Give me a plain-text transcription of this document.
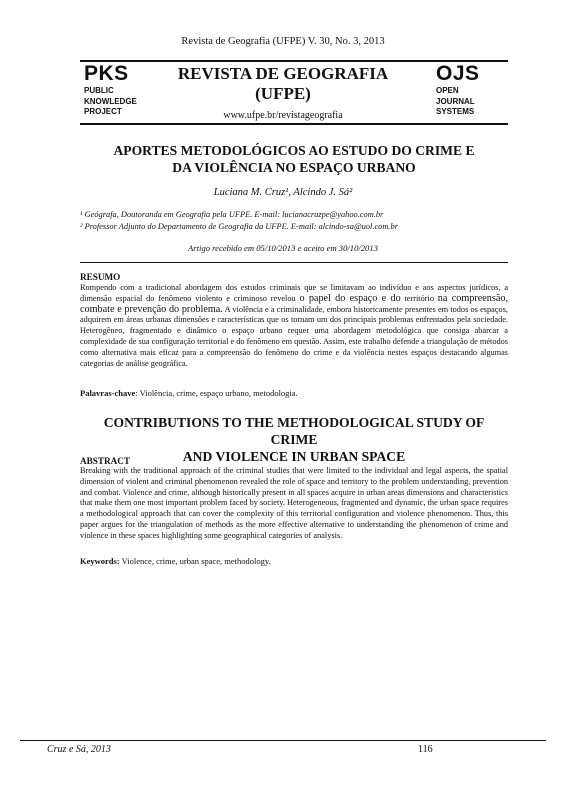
Revista de Geografia (UFPE) V. 30, No. 3, 2013
PKS
PUBLIC
KNOWLEDGE
PROJECT
REVISTA DE GEOGRAFIA
(UFPE)
www.ufpe.br/revistageografia
OJS
OPEN
JOURNAL
SYSTEMS
APORTES METODOLÓGICOS AO ESTUDO DO CRIME E
DA VIOLÊNCIA NO ESPAÇO URBANO
Luciana M. Cruz¹, Alcindo J. Sá²
¹ Geógrafa, Doutoranda em Geografia pela UFPE. E-mail: lucianacruzpe@yahoo.com.br
² Professor Adjunto do Departamento de Geografia da UFPE. E-mail: alcindo-sa@uol.com.br
Artigo recebido em 05/10/2013 e aceito em 30/10/2013
RESUMO

Rompendo com a tradicional abordagem dos estudos criminais que se limitavam ao indivíduo e aos aspectos jurídicos, a dimensão espacial do fenômeno violento e criminoso revelou o papel do espaço e do território na compreensão, combate e prevenção do problema. A violência e a criminalidade, embora historicamente presentes em todos os espaços, adquirem em áreas urbanas dimensões e características que os tornam um dos principais problemas enfrentados pela sociedade. Heterogêneo, fragmentado e dinâmico o espaço urbano requer uma abordagem metodológica que consiga abarcar a complexidade de sua configuração territorial e do fenômeno em questão. Assim, este trabalho defende a triangulação de métodos como alternativa mais eficaz para a compreensão do fenômeno do crime e da violência nestes espaços destacando algumas categorias de análise geográfica.

Palavras-chave: Violência, crime, espaço urbano, metodologia.
CONTRIBUTIONS TO THE METHODOLOGICAL STUDY OF CRIME
AND VIOLENCE IN URBAN SPACE
ABSTRACT

Breaking with the traditional approach of the criminal studies that were limited to the individual and legal aspects, the spatial dimension of violent and criminal phenomenon revealed the role of space and territory to the problem understanding, prevention and combat. Violence and crime, although historically present in all spaces acquire in urban areas dimensions and characteristics that make them one most important problem faced by society. Heterogeneous, fragmented and dynamic, the urban space requires a methodological approach that can cover the complexity of this territorial configuration and violence phenomenon. Thus, this paper argues for the triangulation of methods as the more effective alternative to understanding the phenomenon of crime and violence in these spaces highlighting some geographical categories of analysis.

Keywords: Violence, crime, urban space, methodology.
Cruz e Sá, 2013	116
